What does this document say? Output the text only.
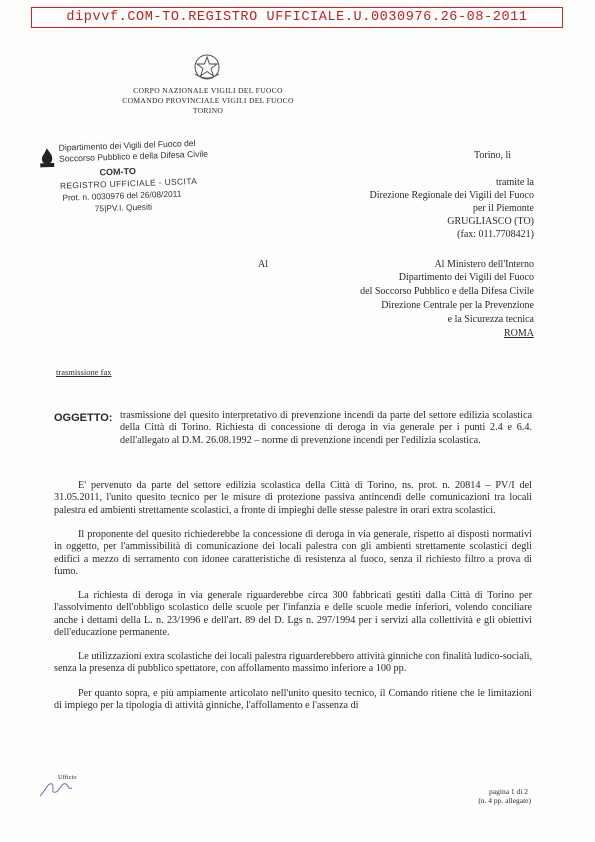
dipvvf.COM-TO.REGISTRO UFFICIALE.U.0030976.26-08-2011
CORPO NAZIONALE VIGILI DEL FUOCO
COMANDO PROVINCIALE VIGILI DEL FUOCO
TORINO
Dipartimento dei Vigili del Fuoco del
Soccorso Pubblico e della Difesa Civile
COM-TO
REGISTRO UFFICIALE - USCITA
Prot. n. 0030976 del 26/08/2011
75|PV.I. Quesiti
Torino, lì
tramite la
Direzione Regionale dei Vigili del Fuoco
per il Piemonte
GRUGLIASCO (TO)
(fax: 011.7708421)
Al	Al Ministero dell'Interno
Dipartimento dei Vigili del Fuoco
del Soccorso Pubblico e della Difesa Civile
Direzione Centrale per la Prevenzione
e la Sicurezza tecnica
ROMA
trasmissione fax
OGGETTO: trasmissione del quesito interpretativo di prevenzione incendi da parte del settore edilizia scolastica della Città di Torino. Richiesta di concessione di deroga in via generale per i punti 2.4 e 6.4. dell'allegato al D.M. 26.08.1992 – norme di prevenzione incendi per l'edilizia scolastica.
E' pervenuto da parte del settore edilizia scolastica della Città di Torino, ns. prot. n. 20814 – PV/I del 31.05.2011, l'unito quesito tecnico per le misure di protezione passiva antincendi delle comunicazioni tra locali palestra ed ambienti strettamente scolastici, a fronte di impieghi delle stesse palestre in orari extra scolastici.
Il proponente del quesito richiederebbe la concessione di deroga in via generale, rispetto ai disposti normativi in oggetto, per l'ammissibilità di comunicazione dei locali palestra con gli ambienti strettamente scolastici degli edifici a mezzo di serramento con idonee caratteristiche di resistenza al fuoco, senza il richiesto filtro a prova di fumo.
La richiesta di deroga in via generale riguarderebbe circa 300 fabbricati gestiti dalla Città di Torino per l'assolvimento dell'obbligo scolastico delle scuole per l'infanzia e delle scuole medie inferiori, volendo conciliare anche i dettami della L. n. 23/1996 e dell'art. 89 del D. Lgs n. 297/1994 per i servizi alla collettività e gli obiettivi dell'educazione permanente.
Le utilizzazioni extra scolastiche dei locali palestra riguarderebbero attività ginniche con finalità ludico-sociali, senza la presenza di pubblico spettatore, con affollamento massimo inferiore a 100 pp.
Per quanto sopra, e più ampiamente articolato nell'unito quesito tecnico, il Comando ritiene che le limitazioni di impiego per la tipologia di attività ginniche, l'affollamento e l'assenza di
Ufficio
pagina 1 di 2
(n. 4 pp. allegate)
